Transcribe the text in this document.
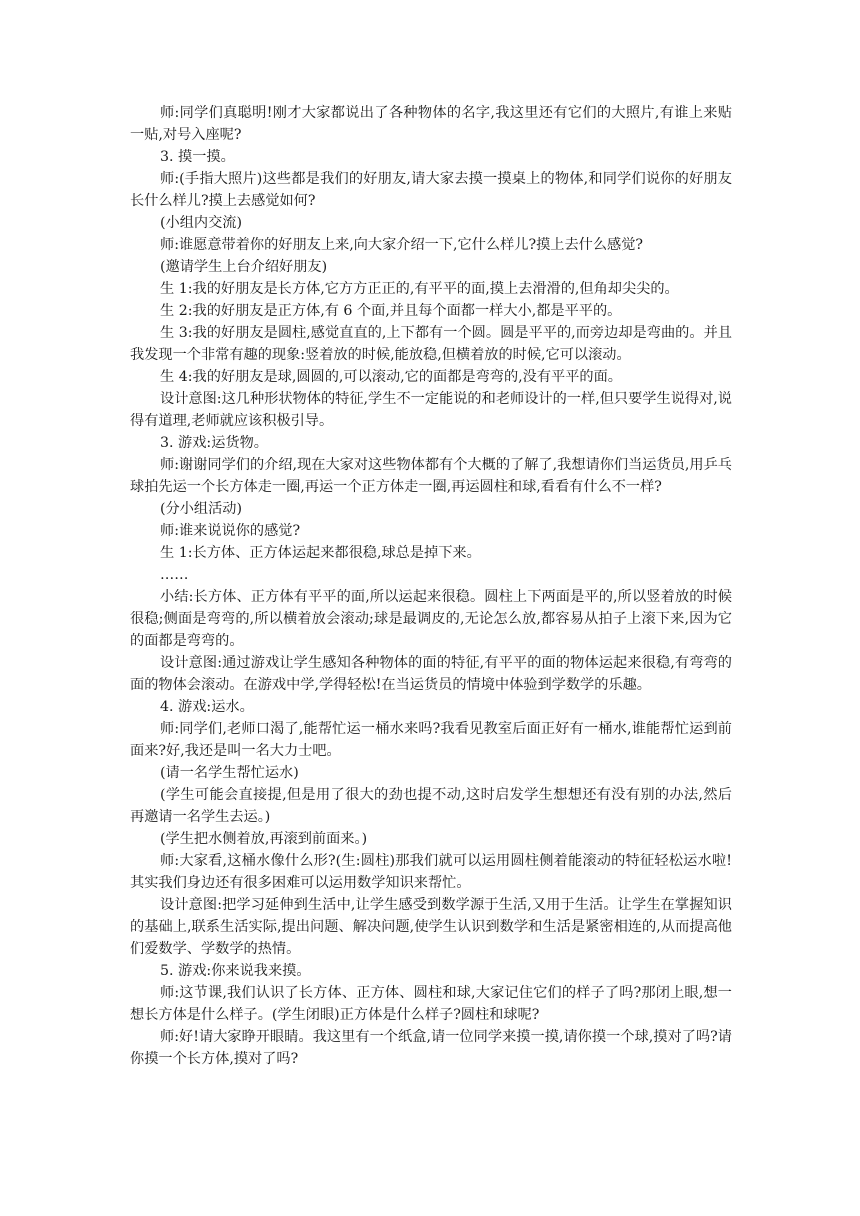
师:同学们真聪明!刚才大家都说出了各种物体的名字,我这里还有它们的大照片,有谁上来贴一贴,对号入座呢?

3. 摸一摸。

师:(手指大照片)这些都是我们的好朋友,请大家去摸一摸桌上的物体,和同学们说你的好朋友长什么样儿?摸上去感觉如何?

(小组内交流)

师:谁愿意带着你的好朋友上来,向大家介绍一下,它什么样儿?摸上去什么感觉?

(邀请学生上台介绍好朋友)

生 1:我的好朋友是长方体,它方方正正的,有平平的面,摸上去滑滑的,但角却尖尖的。

生 2:我的好朋友是正方体,有 6 个面,并且每个面都一样大小,都是平平的。

生 3:我的好朋友是圆柱,感觉直直的,上下都有一个圆。圆是平平的,而旁边却是弯曲的。并且我发现一个非常有趣的现象:竖着放的时候,能放稳,但横着放的时候,它可以滚动。

生 4:我的好朋友是球,圆圆的,可以滚动,它的面都是弯弯的,没有平平的面。

设计意图:这几种形状物体的特征,学生不一定能说的和老师设计的一样,但只要学生说得对,说得有道理,老师就应该积极引导。

3. 游戏:运货物。

师:谢谢同学们的介绍,现在大家对这些物体都有个大概的了解了,我想请你们当运货员,用乒乓球拍先运一个长方体走一圈,再运一个正方体走一圈,再运圆柱和球,看看有什么不一样?

(分小组活动)

师:谁来说说你的感觉?

生 1:长方体、正方体运起来都很稳,球总是掉下来。

……

小结:长方体、正方体有平平的面,所以运起来很稳。圆柱上下两面是平的,所以竖着放的时候很稳;侧面是弯弯的,所以横着放会滚动;球是最调皮的,无论怎么放,都容易从拍子上滚下来,因为它的面都是弯弯的。

设计意图:通过游戏让学生感知各种物体的面的特征,有平平的面的物体运起来很稳,有弯弯的面的物体会滚动。在游戏中学,学得轻松!在当运货员的情境中体验到学数学的乐趣。

4. 游戏:运水。

师:同学们,老师口渴了,能帮忙运一桶水来吗?我看见教室后面正好有一桶水,谁能帮忙运到前面来?好,我还是叫一名大力士吧。

(请一名学生帮忙运水)

(学生可能会直接提,但是用了很大的劲也提不动,这时启发学生想想还有没有别的办法,然后再邀请一名学生去运。)

(学生把水侧着放,再滚到前面来。)

师:大家看,这桶水像什么形?(生:圆柱)那我们就可以运用圆柱侧着能滚动的特征轻松运水啦!其实我们身边还有很多困难可以运用数学知识来帮忙。

设计意图:把学习延伸到生活中,让学生感受到数学源于生活,又用于生活。让学生在掌握知识的基础上,联系生活实际,提出问题、解决问题,使学生认识到数学和生活是紧密相连的,从而提高他们爱数学、学数学的热情。

5. 游戏:你来说我来摸。

师:这节课,我们认识了长方体、正方体、圆柱和球,大家记住它们的样子了吗?那闭上眼,想一想长方体是什么样子。(学生闭眼)正方体是什么样子?圆柱和球呢?

师:好!请大家睁开眼睛。我这里有一个纸盒,请一位同学来摸一摸,请你摸一个球,摸对了吗?请你摸一个长方体,摸对了吗?
